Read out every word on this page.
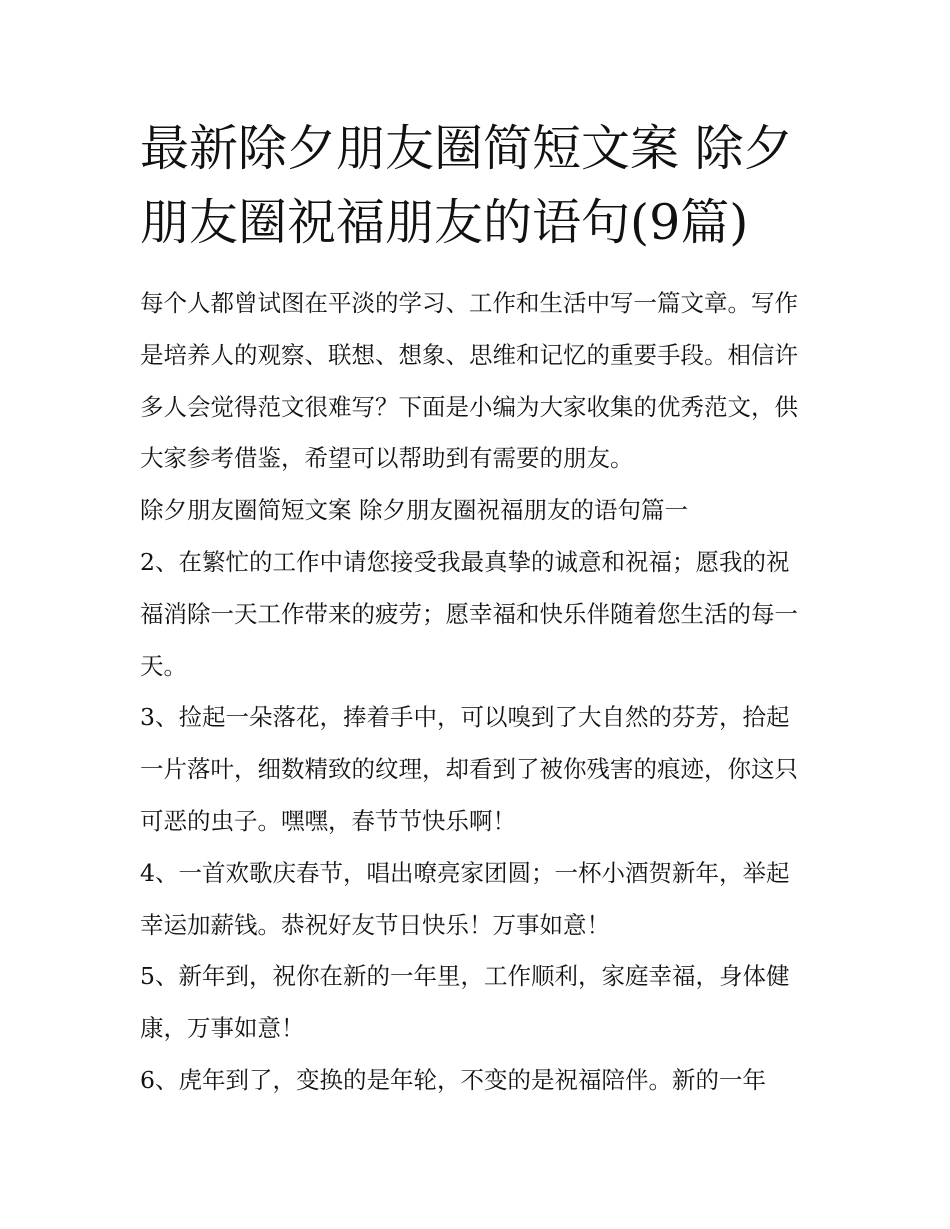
最新除夕朋友圈简短文案 除夕朋友圈祝福朋友的语句(9篇)

每个人都曾试图在平淡的学习、工作和生活中写一篇文章。写作是培养人的观察、联想、想象、思维和记忆的重要手段。相信许多人会觉得范文很难写？下面是小编为大家收集的优秀范文，供大家参考借鉴，希望可以帮助到有需要的朋友。

除夕朋友圈简短文案 除夕朋友圈祝福朋友的语句篇一

2、在繁忙的工作中请您接受我最真挚的诚意和祝福；愿我的祝福消除一天工作带来的疲劳；愿幸福和快乐伴随着您生活的每一天。

3、捡起一朵落花，捧着手中，可以嗅到了大自然的芬芳，拾起一片落叶，细数精致的纹理，却看到了被你残害的痕迹，你这只可恶的虫子。嘿嘿，春节节快乐啊！

4、一首欢歌庆春节，唱出嘹亮家团圆；一杯小酒贺新年，举起幸运加薪钱。恭祝好友节日快乐！万事如意！

5、新年到，祝你在新的一年里，工作顺利，家庭幸福，身体健康，万事如意！

6、虎年到了，变换的是年轮，不变的是祝福陪伴。新的一年
